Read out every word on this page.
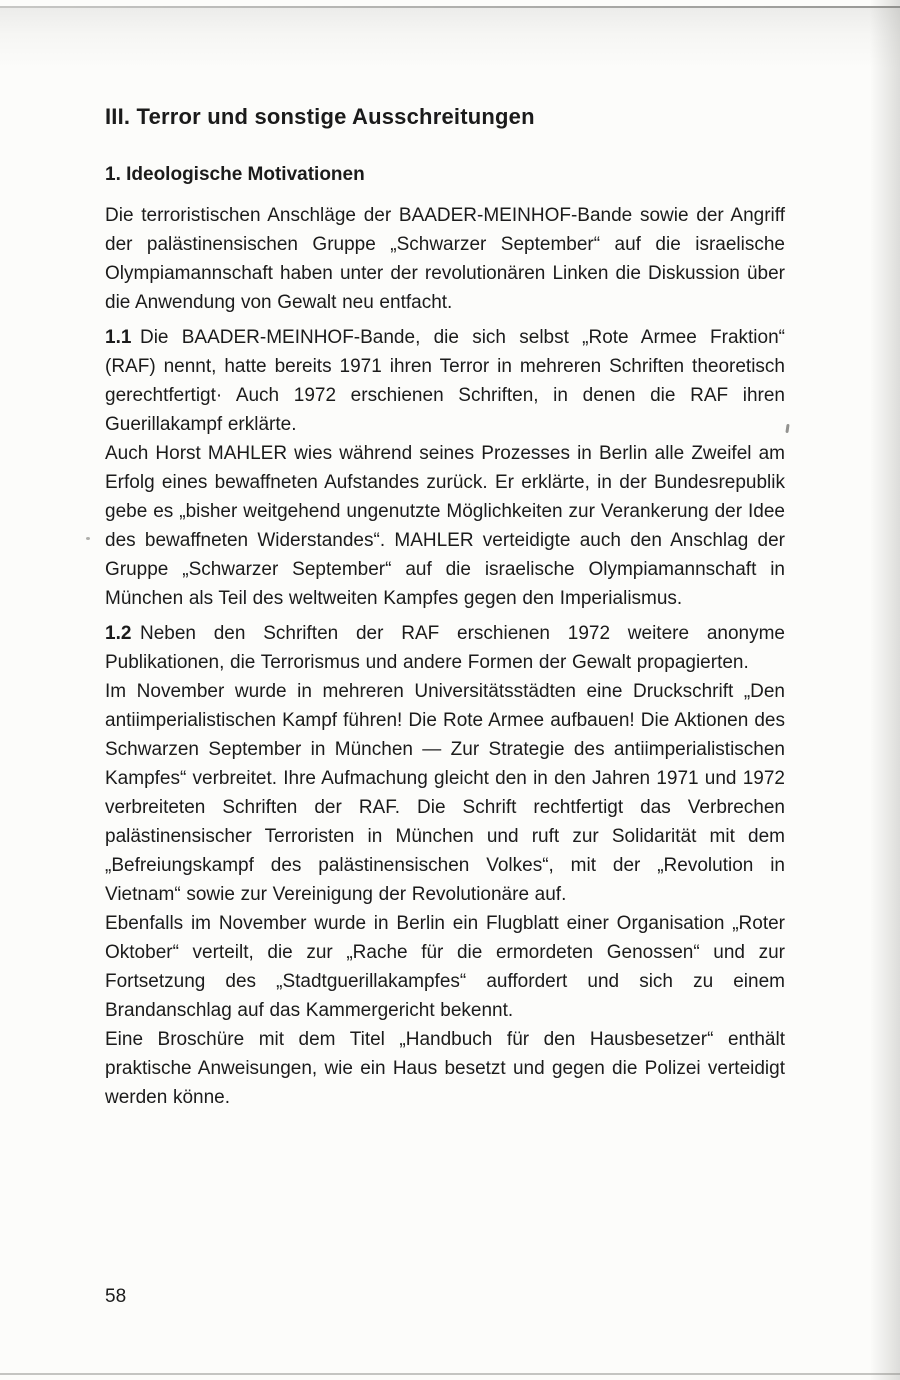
III. Terror und sonstige Ausschreitungen
1. Ideologische Motivationen

Die terroristischen Anschläge der BAADER-MEINHOF-Bande sowie der Angriff der palästinensischen Gruppe „Schwarzer September“ auf die israelische Olympiamannschaft haben unter der revolutionären Linken die Diskussion über die Anwendung von Gewalt neu entfacht.

1.1 Die BAADER-MEINHOF-Bande, die sich selbst „Rote Armee Fraktion“ (RAF) nennt, hatte bereits 1971 ihren Terror in mehreren Schriften theoretisch gerechtfertigt· Auch 1972 erschienen Schriften, in denen die RAF ihren Guerillakampf erklärte.

Auch Horst MAHLER wies während seines Prozesses in Berlin alle Zweifel am Erfolg eines bewaffneten Aufstandes zurück. Er erklärte, in der Bundesrepublik gebe es „bisher weitgehend ungenutzte Möglichkeiten zur Verankerung der Idee des bewaffneten Widerstandes“. MAHLER verteidigte auch den Anschlag der Gruppe „Schwarzer September“ auf die israelische Olympiamannschaft in München als Teil des weltweiten Kampfes gegen den Imperialismus.

1.2 Neben den Schriften der RAF erschienen 1972 weitere anonyme Publikationen, die Terrorismus und andere Formen der Gewalt propagierten.

Im November wurde in mehreren Universitätsstädten eine Druckschrift „Den antiimperialistischen Kampf führen! Die Rote Armee aufbauen! Die Aktionen des Schwarzen September in München — Zur Strategie des antiimperialistischen Kampfes“ verbreitet. Ihre Aufmachung gleicht den in den Jahren 1971 und 1972 verbreiteten Schriften der RAF. Die Schrift rechtfertigt das Verbrechen palästinensischer Terroristen in München und ruft zur Solidarität mit dem „Befreiungskampf des palästinensischen Volkes“, mit der „Revolution in Vietnam“ sowie zur Vereinigung der Revolutionäre auf.

Ebenfalls im November wurde in Berlin ein Flugblatt einer Organisation „Roter Oktober“ verteilt, die zur „Rache für die ermordeten Genossen“ und zur Fortsetzung des „Stadtguerillakampfes“ auffordert und sich zu einem Brandanschlag auf das Kammergericht bekennt.

Eine Broschüre mit dem Titel „Handbuch für den Hausbesetzer“ enthält praktische Anweisungen, wie ein Haus besetzt und gegen die Polizei verteidigt werden könne.

58
